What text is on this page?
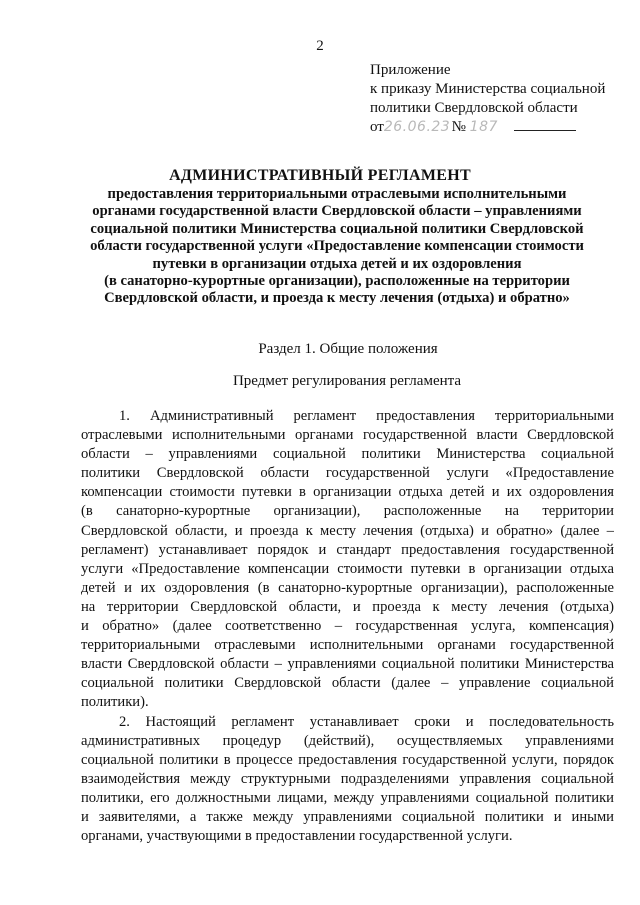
2
Приложение
к приказу Министерства социальной
политики Свердловской области
от26.06.23 № 187
АДМИНИСТРАТИВНЫЙ РЕГЛАМЕНТ
предоставления территориальными отраслевыми исполнительными
органами государственной власти Свердловской области – управлениями
социальной политики Министерства социальной политики Свердловской
области государственной услуги «Предоставление компенсации стоимости
путевки в организации отдыха детей и их оздоровления
(в санаторно-курортные организации), расположенные на территории
Свердловской области, и проезда к месту лечения (отдыха) и обратно»
Раздел 1. Общие положения
Предмет регулирования регламента
1. Административный регламент предоставления территориальными
отраслевыми исполнительными органами государственной власти Свердловской
области – управлениями социальной политики Министерства социальной
политики Свердловской области государственной услуги «Предоставление
компенсации стоимости путевки в организации отдыха детей и их оздоровления
(в санаторно-курортные организации), расположенные на территории
Свердловской области, и проезда к месту лечения (отдыха) и обратно» (далее –
регламент) устанавливает порядок и стандарт предоставления государственной
услуги «Предоставление компенсации стоимости путевки в организации отдыха
детей и их оздоровления (в санаторно-курортные организации), расположенные
на территории Свердловской области, и проезда к месту лечения (отдыха)
и обратно» (далее соответственно – государственная услуга, компенсация)
территориальными отраслевыми исполнительными органами государственной
власти Свердловской области – управлениями социальной политики Министерства
социальной политики Свердловской области (далее – управление социальной
политики).
2. Настоящий регламент устанавливает сроки и последовательность
административных процедур (действий), осуществляемых управлениями
социальной политики в процессе предоставления государственной услуги, порядок
взаимодействия между структурными подразделениями управления социальной
политики, его должностными лицами, между управлениями социальной политики
и заявителями, а также между управлениями социальной политики и иными
органами, участвующими в предоставлении государственной услуги.
